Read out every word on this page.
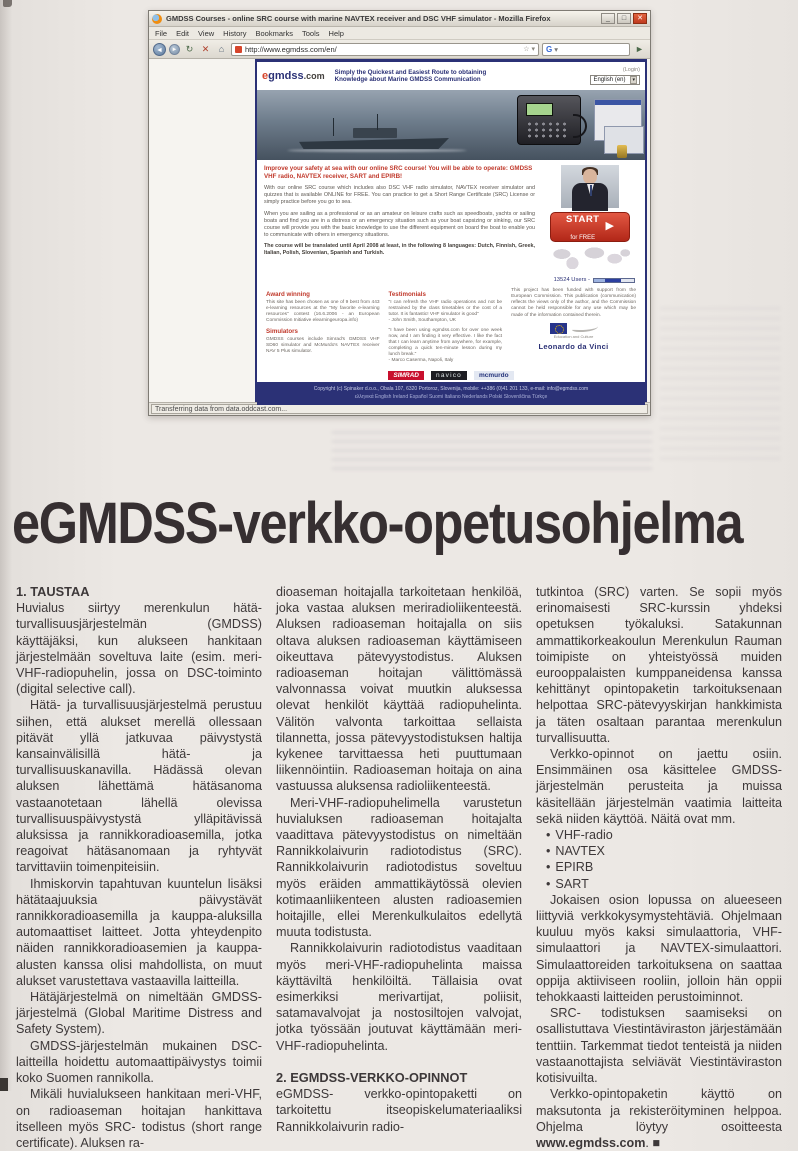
GMDSS Courses - online SRC course with marine NAVTEX receiver and DSC VHF simulator - Mozilla Firefox	_	□	✕
File Edit View History Bookmarks Tools Help
◄	► ↻ ✕	⌂	http://www.egmdss.com/en/	☆ ▾ G ▾	►
egmdss.com Simply the Quickest and Easiest Route to obtaining Knowledge about Marine GMDSS Communication
(Login)
English (en)	▾
Improve your safety at sea with our online SRC course! You will be able to operate: GMDSS VHF radio, NAVTEX receiver, SART and EPIRB!
With our online SRC course which includes also DSC VHF radio simulator, NAVTEX receiver simulator and quizzes that is available ONLINE for FREE. You can practice to get a Short Range Certificate (SRC) License or simply practice before you go to sea.
When you are sailing as a professional or as an amateur on leisure crafts such as speedboats, yachts or sailing boats and find you are in a distress or an emergency situation such as your boat capsizing or sinking, our SRC course will provide you with the basic knowledge to use the different equipment on board the boat to enable you to communicate with others in emergency situations.
The course will be translated until April 2008 at least, in the following 8 languages: Dutch, Finnish, Greek, Italian, Polish, Slovenian, Spanish and Turkish.
START
for FREE
▶
13524 Users -
Award winning
This site has been chosen as one of 9 best from 443 e-learning resources at the "My favorite e-learning resources" contest (16.6.2006 - an European Commission Initiative elearningeuropa.info)
Simulators
GMDSS courses include Simrad's GMDSS VHF SD60 simulator and McMurdo's NAVTEX receiver NAV 5 Plus simulator.
Testimonials
"I can refresh the VHF radio operations and not be restrained by the class timetables or the cost of a tutor. It is fantastic! VHF simulator is good"
- John Smith, Southampton, UK
"I have been using egmdss.com for over one week now, and I am finding it very effective. I like the fact that I can learn anytime from anywhere, for example, completing a quick ten-minute lesson during my lunch break."
- Marco Caserma, Napoli, Italy
This project has been funded with support from the European Commission. This publication (communication) reflects the views only of the author, and the Commission cannot be held responsible for any use which may be made of the information contained therein.
Education and Culture
Leonardo da Vinci
SIMRAD	navico	mcmurdo
Copyright (c) Spinaker d.o.o., Obala 107, 6320 Portoroz, Slovenija, mobile: ++386 (0)41 201 133, e-mail: info@egmdss.com
ελληνικά English Ireland Español Suomi Italiano Nederlands Polski Slovenščina Türkçe
Transferring data from data.oddcast.com...
eGMDSS-verkko-opetusohjelma

1. TAUSTAA

Huvialus siirtyy merenkulun hätä- turvallisuusjärjestelmän (GMDSS) käyttäjäksi, kun alukseen hankitaan järjestelmään soveltuva laite (esim. meri-VHF-radiopuhelin, jossa on DSC-toiminto (digital selective call).

Hätä- ja turvallisuusjärjestelmä perustuu siihen, että alukset merellä ollessaan pitävät yllä jatkuvaa päivystystä kansainvälisillä hätä- ja turvallisuuskanavilla. Hädässä olevan aluksen lähettämä hätäsanoma vastaanotetaan lähellä olevissa turvallisuuspäivystystä ylläpitävissä aluksissa ja rannikkoradioasemilla, jotka reagoivat hätäsanomaan ja ryhtyvät tarvittaviin toimenpiteisiin.

Ihmiskorvin tapahtuvan kuuntelun lisäksi hätätaajuuksia päivystävät rannikkoradioasemilla ja kauppa-aluksilla automaattiset laitteet. Jotta yhteydenpito näiden rannikkoradioasemien ja kauppa-alusten kanssa olisi mahdollista, on muut alukset varustettava vastaavilla laitteilla.

Hätäjärjestelmä on nimeltään GMDSS-järjestelmä (Global Maritime Distress and Safety System).

GMDSS-järjestelmän mukainen DSC-laitteilla hoidettu automaattipäivystys toimii koko Suomen rannikolla.

Mikäli huvialukseen hankitaan meri-VHF, on radioaseman hoitajan hankittava itselleen myös SRC- todistus (short range certificate). Aluksen ra-

dioaseman hoitajalla tarkoitetaan henkilöä, joka vastaa aluksen meriradioliikenteestä. Aluksen radioaseman hoitajalla on siis oltava aluksen radioaseman käyttämiseen oikeuttava pätevyystodistus. Aluksen radioaseman hoitajan välittömässä valvonnassa voivat muutkin aluksessa olevat henkilöt käyttää radiopuhelinta. Välitön valvonta tarkoittaa sellaista tilannetta, jossa pätevyystodistuksen haltija kykenee tarvittaessa heti puuttumaan liikennöintiin. Radioaseman hoitaja on aina vastuussa aluksensa radioliikenteestä.

Meri-VHF-radiopuhelimella varustetun huvialuksen radioaseman hoitajalta vaadittava pätevyystodistus on nimeltään Rannikkolaivurin radiotodistus (SRC). Rannikkolaivurin radiotodistus soveltuu myös eräiden ammattikäytössä olevien kotimaanliikenteen alusten radioasemien hoitajille, ellei Merenkulkulaitos edellytä muuta todistusta.

Rannikkolaivurin radiotodistus vaaditaan myös meri-VHF-radiopuhelinta maissa käyttäviltä henkilöiltä. Tällaisia ovat esimerkiksi merivartijat, poliisit, satamavalvojat ja nostosiltojen valvojat, jotka työssään joutuvat käyttämään meri-VHF-radiopuhelinta.

2. EGMDSS-VERKKO-OPINNOT

eGMDSS- verkko-opintopaketti on tarkoitettu itseopiskelumateriaaliksi Rannikkolaivurin radio-

tutkintoa (SRC) varten. Se sopii myös erinomaisesti SRC-kurssin yhdeksi opetuksen työkaluksi. Satakunnan ammattikorkeakoulun Merenkulun Rauman toimipiste on yhteistyössä muiden eurooppalaisten kumppaneidensa kanssa kehittänyt opintopaketin tarkoituksenaan helpottaa SRC-pätevyyskirjan hankkimista ja täten osaltaan parantaa merenkulun turvallisuutta.

Verkko-opinnot on jaettu osiin. Ensimmäinen osa käsittelee GMDSS-järjestelmän perusteita ja muissa käsitellään järjestelmän vaatimia laitteita sekä niiden käyttöä. Näitä ovat mm.

• VHF-radio
• NAVTEX
• EPIRB
• SART

Jokaisen osion lopussa on alueeseen liittyviä verkkokysymystehtäviä. Ohjelmaan kuuluu myös kaksi simulaattoria, VHF-simulaattori ja NAVTEX-simulaattori. Simulaattoreiden tarkoituksena on saattaa oppija aktiiviseen rooliin, jolloin hän oppii tehokkaasti laitteiden perustoiminnot.

SRC- todistuksen saamiseksi on osallistuttava Viestintäviraston järjestämään tenttiin. Tarkemmat tiedot tenteistä ja niiden vastaanottajista selviävät Viestintäviraston kotisivuilta.

Verkko-opintopaketin käyttö on maksutonta ja rekisteröityminen helppoa. Ohjelma löytyy osoitteesta www.egmdss.com. ■
